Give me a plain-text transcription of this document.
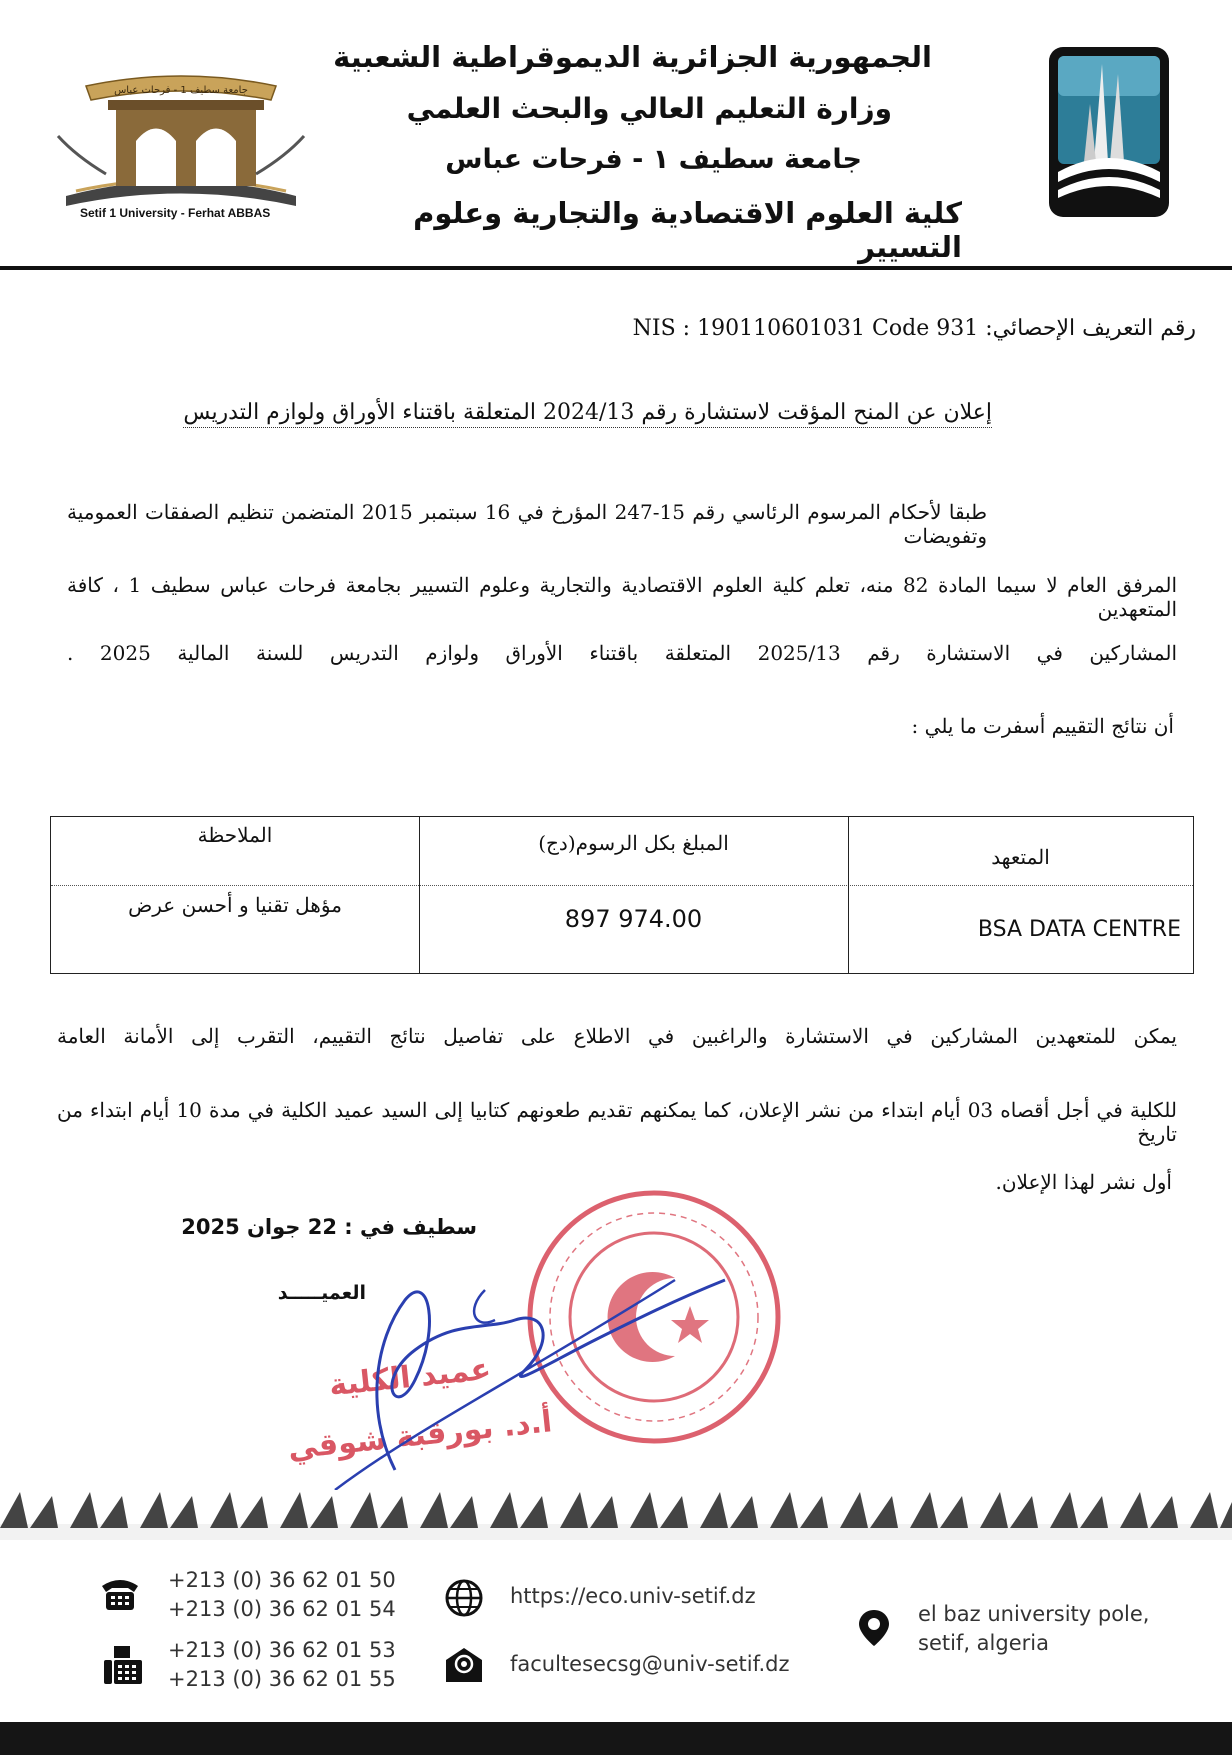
الجمهورية الجزائرية الديموقراطية الشعبية
وزارة التعليم العالي والبحث العلمي
جامعة سطيف ١ - فرحات عباس
كلية العلوم الاقتصادية والتجارية وعلوم التسيير
جامعة سطيف 1 - فرحات عباس
Setif 1 University - Ferhat ABBAS
رقم التعريف الإحصائي: NIS : 190110601031 Code 931
إعلان عن المنح المؤقت لاستشارة رقم 2024/13 المتعلقة باقتناء الأوراق ولوازم التدريس
طبقا لأحكام المرسوم الرئاسي رقم 15-247 المؤرخ في 16 سبتمبر 2015 المتضمن تنظيم الصفقات العمومية وتفويضات
المرفق العام لا سيما المادة 82 منه، تعلم كلية العلوم الاقتصادية والتجارية وعلوم التسيير بجامعة فرحات عباس سطيف 1 ، كافة المتعهدين
المشاركين في الاستشارة رقم 2025/13 المتعلقة باقتناء الأوراق ولوازم التدريس للسنة المالية 2025 .
أن نتائج التقييم أسفرت ما يلي :
المتعهد
المبلغ بكل الرسوم(دج)
الملاحظة
BSA DATA CENTRE
897 974.00
مؤهل تقنيا و أحسن عرض
يمكن للمتعهدين المشاركين في الاستشارة والراغبين في الاطلاع على تفاصيل نتائج التقييم، التقرب إلى الأمانة العامة
للكلية في أجل أقصاه 03 أيام ابتداء من نشر الإعلان، كما يمكنهم تقديم طعونهم كتابيا إلى السيد عميد الكلية في مدة 10 أيام ابتداء من تاريخ
أول نشر لهذا الإعلان.
سطيف في : 22 جوان 2025
العميـــــد
عميد الكلية
أ.د. بورقبة شوقي
+213 (0) 36 62 01 50
+213 (0) 36 62 01 54
+213 (0) 36 62 01 53
+213 (0) 36 62 01 55
https://eco.univ-setif.dz
facultesecsg@univ-setif.dz
el baz university pole,
setif, algeria
